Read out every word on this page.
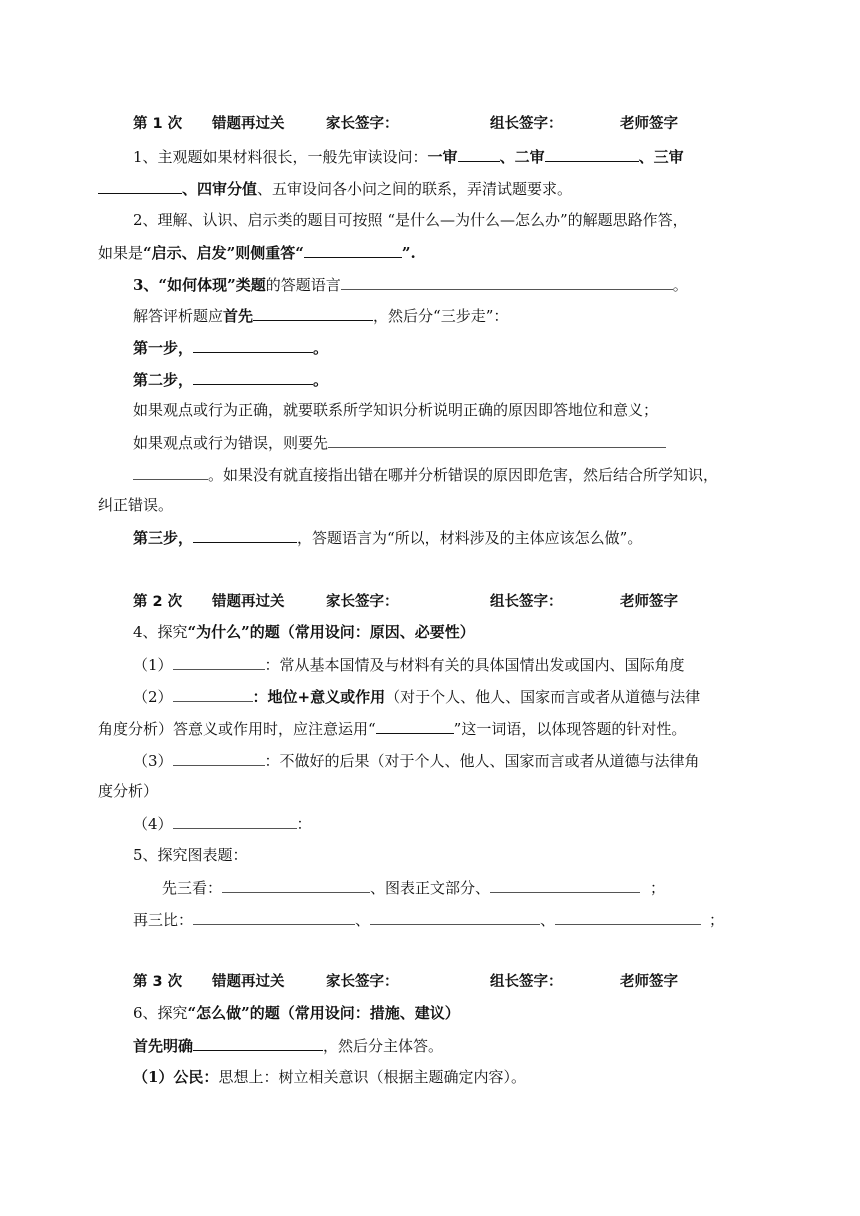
第 1 次 错题再过关	家长签字：	组长签字：	老师签字
1、主观题如果材料很长，一般先审读设问：一审	、二审	、三审
、四审分值、五审设问各小问之间的联系，弄清试题要求。
2、理解、认识、启示类的题目可按照 “是什么—为什么—怎么办”的解题思路作答，
如果是“启示、启发”则侧重答“	”.
3、“如何体现”类题的答题语言	。
解答评析题应首先	，然后分“三步走”：
第一步，	。
第二步，	。
如果观点或行为正确，就要联系所学知识分析说明正确的原因即答地位和意义；
如果观点或行为错误，则要先
。如果没有就直接指出错在哪并分析错误的原因即危害，然后结合所学知识，
纠正错误。
第三步，	，答题语言为“所以，材料涉及的主体应该怎么做”。
第 2 次 错题再过关	家长签字：	组长签字：	老师签字
4、探究“为什么”的题（常用设问：原因、必要性）
（1）	：常从基本国情及与材料有关的具体国情出发或国内、国际角度
（2）	：地位+意义或作用（对于个人、他人、国家而言或者从道德与法律
角度分析）答意义或作用时，应注意运用“	”这一词语，以体现答题的针对性。
（3）	：不做好的后果（对于个人、他人、国家而言或者从道德与法律角
度分析）
（4）	：
5、探究图表题：
先三看：	、图表正文部分、	；
再三比：	、	、	；
第 3 次 错题再过关	家长签字：	组长签字：	老师签字
6、探究“怎么做”的题（常用设问：措施、建议）
首先明确	，然后分主体答。
（1）公民：思想上：树立相关意识（根据主题确定内容）。
